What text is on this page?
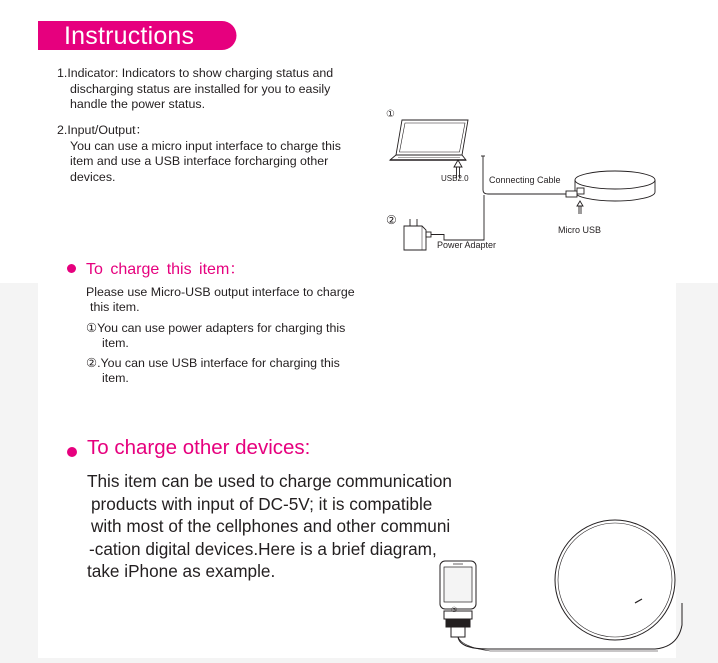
Instructions
1.Indicator: Indicators to show charging status and
discharging status are installed for you to easily
handle the power status.
2.Input/Output：
You can use a micro input interface to charge this
item and use a USB interface forcharging other
devices.
①
②
USB2.0 Connecting Cable
Micro USB
Power Adapter
To charge this item：
Please use Micro-USB output interface to charge
this item.
①You can use power adapters for charging this
item.
②.You can use USB interface for charging this
item.
To charge other devices:
This item can be used to charge communication
products with input of DC-5V; it is compatible
with most of the cellphones and other communi
-cation digital devices.Here is a brief diagram,
take iPhone as example.
③
